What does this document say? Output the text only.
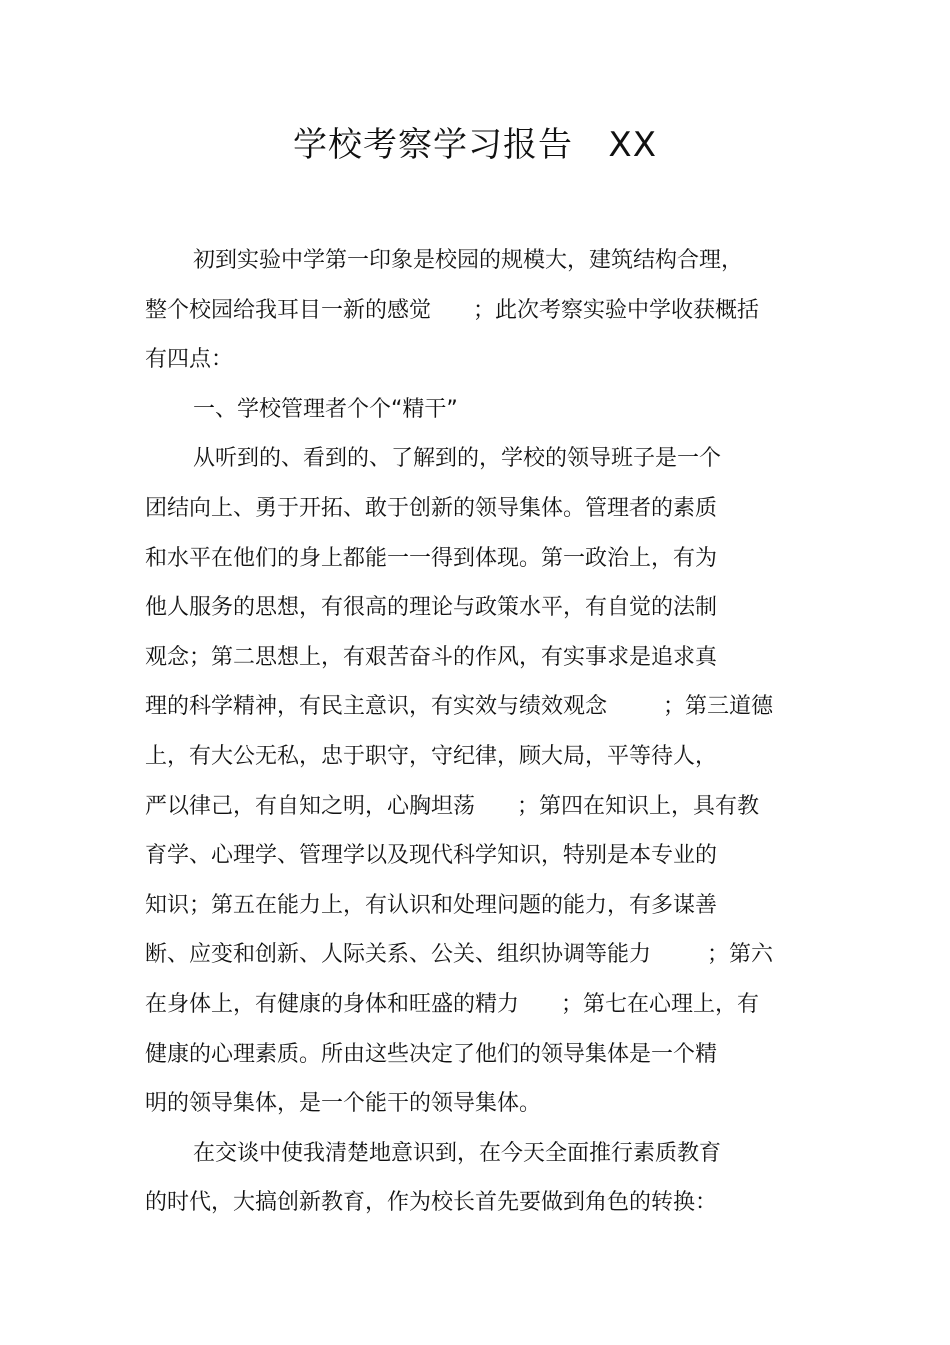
学校考察学习报告   XX
初到实验中学第一印象是校园的规模大，建筑结构合理，
整个校园给我耳目一新的感觉      ；此次考察实验中学收获概括
有四点：
一、学校管理者个个“精干”
从听到的、看到的、了解到的，学校的领导班子是一个
团结向上、勇于开拓、敢于创新的领导集体。管理者的素质
和水平在他们的身上都能一一得到体现。第一政治上，有为
他人服务的思想，有很高的理论与政策水平，有自觉的法制
观念；第二思想上，有艰苦奋斗的作风，有实事求是追求真
理的科学精神，有民主意识，有实效与绩效观念        ；第三道德
上，有大公无私，忠于职守，守纪律，顾大局，平等待人，
严以律己，有自知之明，心胸坦荡      ；第四在知识上，具有教
育学、心理学、管理学以及现代科学知识，特别是本专业的
知识；第五在能力上，有认识和处理问题的能力，有多谋善
断、应变和创新、人际关系、公关、组织协调等能力        ；第六
在身体上，有健康的身体和旺盛的精力      ；第七在心理上，有
健康的心理素质。所由这些决定了他们的领导集体是一个精
明的领导集体，是一个能干的领导集体。
在交谈中使我清楚地意识到，在今天全面推行素质教育
的时代，大搞创新教育，作为校长首先要做到角色的转换：
